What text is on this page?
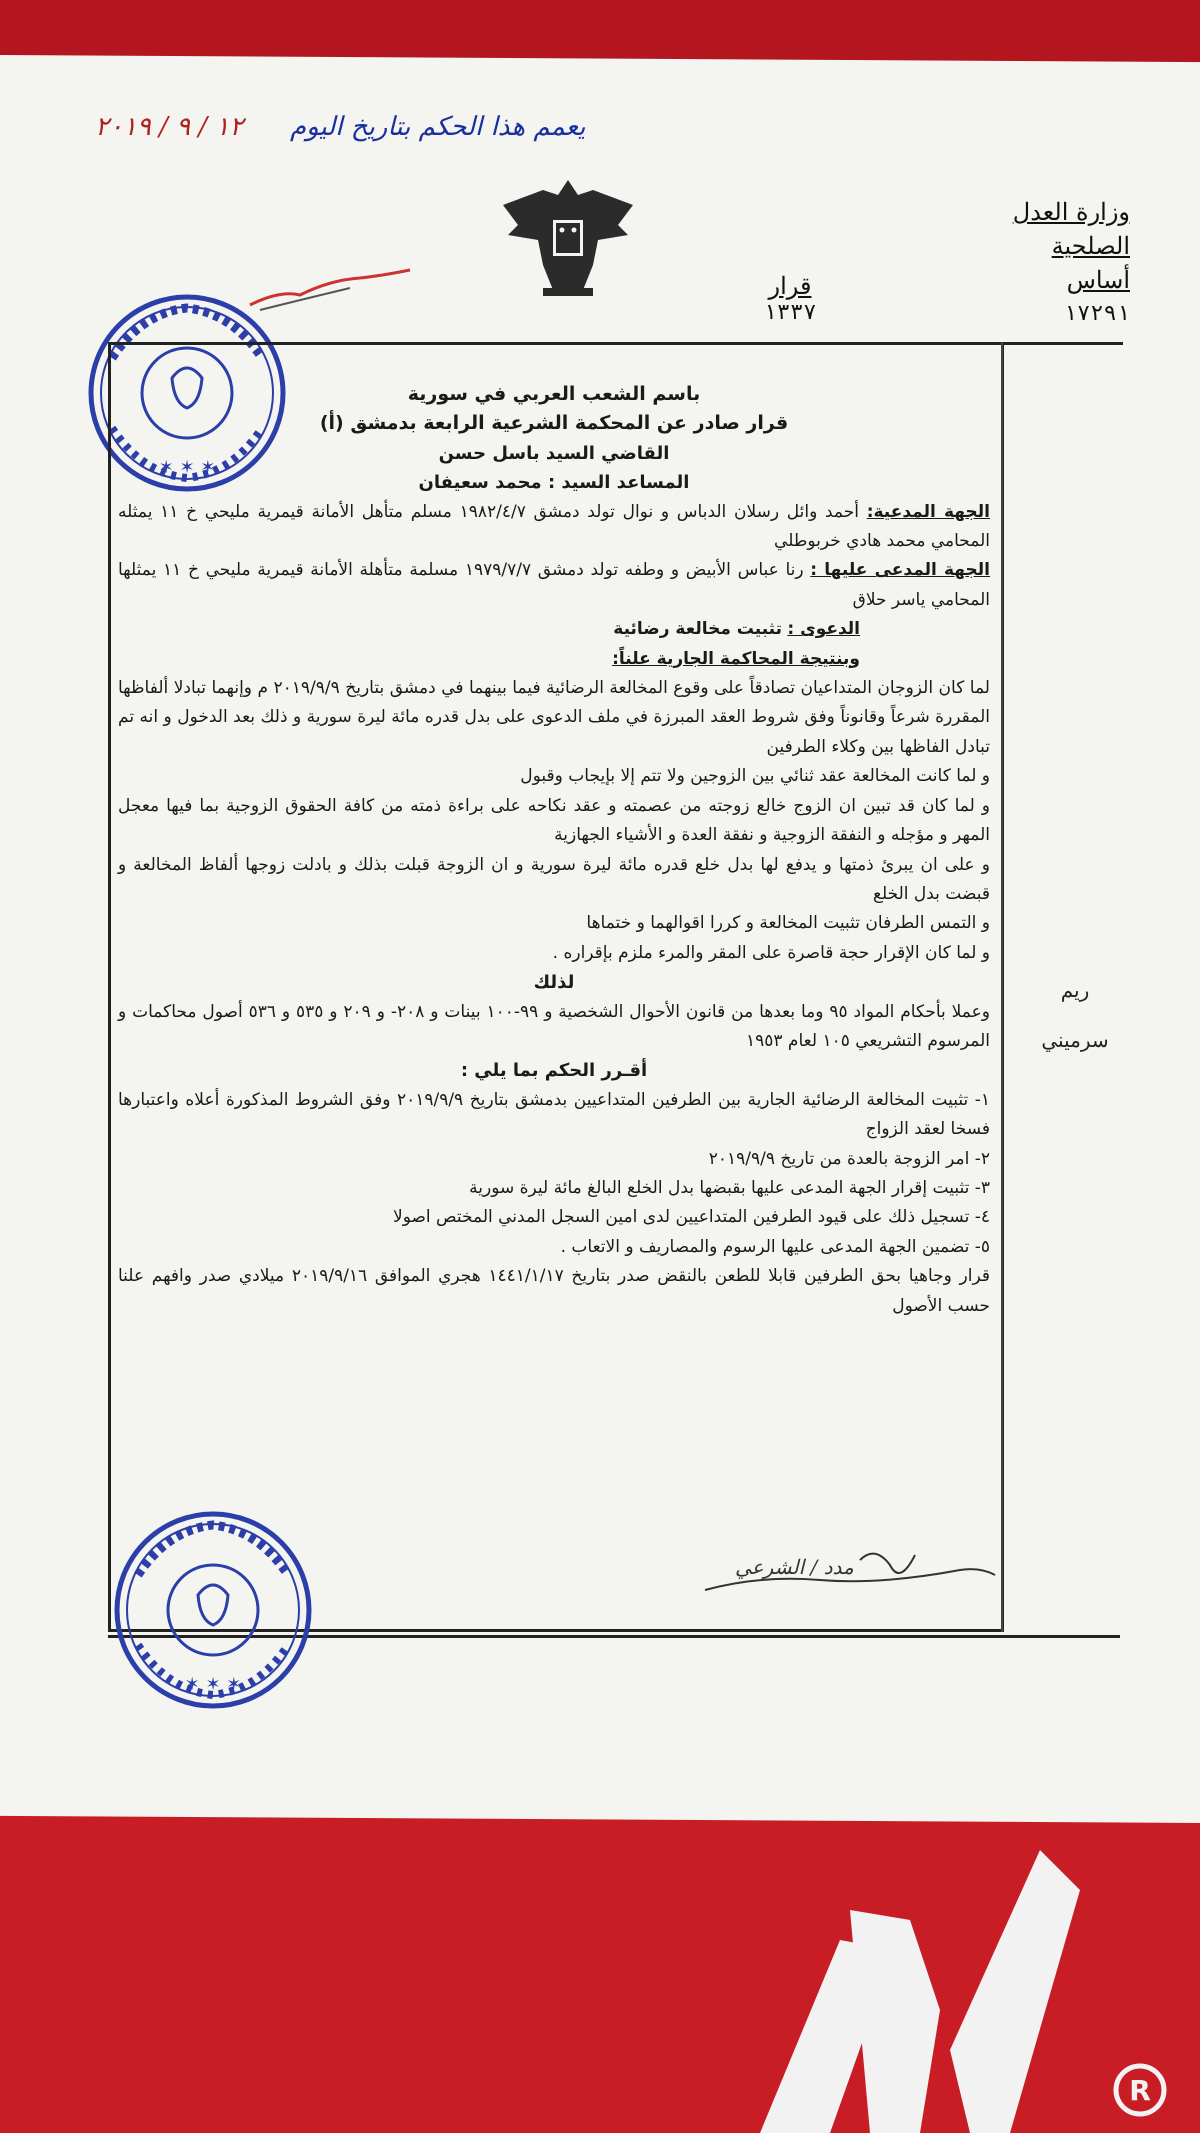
R
يعمم هذا الحكم بتاريخ اليوم
١٢ / ٩ / ٢٠١٩
وزارة العدل
الصلحية
أساس
١٧٢٩١
قرار
١٣٣٧
✶ ✶ ✶
ريم
سرميني

باسم الشعب العربي في سورية

قرار صادر عن المحكمة الشرعية الرابعة بدمشق (أ)

القاضي السيد باسل حسن

المساعد السيد : محمد سعيفان

الجهة المدعية: أحمد وائل رسلان الدباس و نوال تولد دمشق ١٩٨٢/٤/٧ مسلم متأهل الأمانة قيمرية مليحي خ ١١ يمثله المحامي محمد هادي خربوطلي

الجهة المدعى عليها : رنا عباس الأبيض و وطفه تولد دمشق ١٩٧٩/٧/٧ مسلمة متأهلة الأمانة قيمرية مليحي خ ١١ يمثلها المحامي ياسر حلاق

الدعوى : تثبيت مخالعة رضائية

وبنتيجة المحاكمة الجارية علناً:

لما كان الزوجان المتداعيان تصادقاً على وقوع المخالعة الرضائية فيما بينهما في دمشق بتاريخ ٢٠١٩/٩/٩ م وإنهما تبادلا ألفاظها المقررة شرعاً وقانوناً وفق شروط العقد المبرزة في ملف الدعوى على بدل قدره مائة ليرة سورية و ذلك بعد الدخول و انه تم تبادل الفاظها بين وكلاء الطرفين

و لما كانت المخالعة عقد ثنائي بين الزوجين ولا تتم إلا بإيجاب وقبول

و لما كان قد تبين ان الزوج خالع زوجته من عصمته و عقد نكاحه على براءة ذمته من كافة الحقوق الزوجية بما فيها معجل المهر و مؤجله و النفقة الزوجية و نفقة العدة و الأشياء الجهازية

و على ان يبرئ ذمتها و يدفع لها بدل خلع قدره مائة ليرة سورية و ان الزوجة قبلت بذلك و بادلت زوجها ألفاظ المخالعة و قبضت بدل الخلع

و التمس الطرفان تثبيت المخالعة و كررا اقوالهما و ختماها

و لما كان الإقرار حجة قاصرة على المقر والمرء ملزم بإقراره .

لذلك

وعملا بأحكام المواد ٩٥ وما بعدها من قانون الأحوال الشخصية و ٩٩-١٠٠ بينات و ٢٠٨- و ٢٠٩ و ٥٣٥ و ٥٣٦ أصول محاكمات و المرسوم التشريعي ١٠٥ لعام ١٩٥٣

أقـرر الحكم بما يلي :

١- تثبيت المخالعة الرضائية الجارية بين الطرفين المتداعيين بدمشق بتاريخ ٢٠١٩/٩/٩ وفق الشروط المذكورة أعلاه واعتبارها فسخا لعقد الزواج

٢- امر الزوجة بالعدة من تاريخ ٢٠١٩/٩/٩

٣- تثبيت إقرار الجهة المدعى عليها بقبضها بدل الخلع البالغ مائة ليرة سورية

٤- تسجيل ذلك على قيود الطرفين المتداعيين لدى امين السجل المدني المختص اصولا

٥- تضمين الجهة المدعى عليها الرسوم والمصاريف و الاتعاب .

قرار وجاهيا بحق الطرفين قابلا للطعن بالنقض صدر بتاريخ ١٤٤١/١/١٧ هجري الموافق ٢٠١٩/٩/١٦ ميلادي صدر وافهم علنا حسب الأصول

مدد / الشرعي
✶ ✶ ✶
